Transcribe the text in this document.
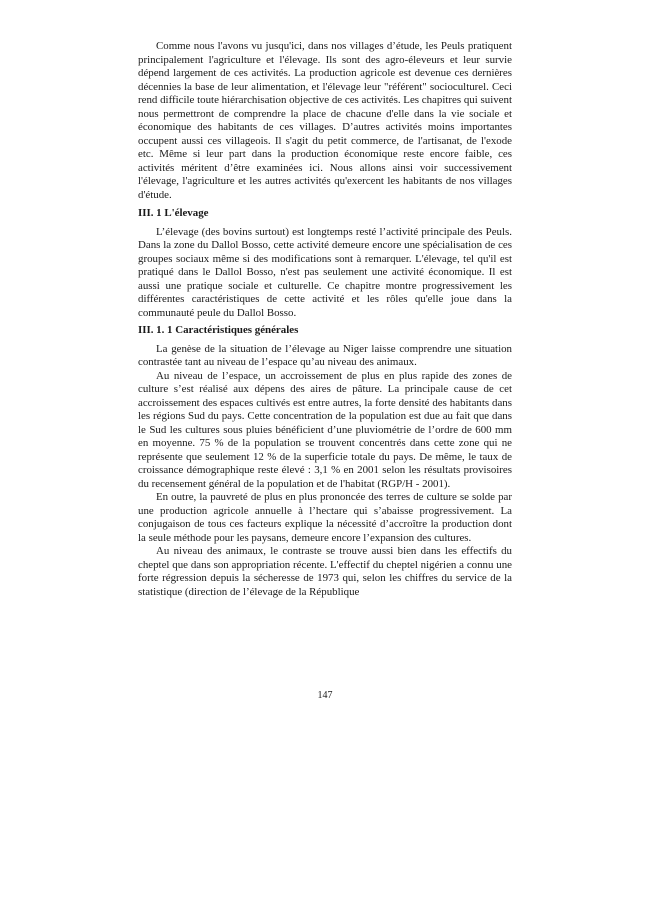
Comme nous l'avons vu jusqu'ici, dans nos villages d’étude, les Peuls pratiquent principalement l'agriculture et l'élevage. Ils sont des agro-éleveurs et leur survie dépend largement de ces activités. La production agricole est devenue ces dernières décennies la base de leur alimentation, et l'élevage leur "référent" socioculturel. Ceci rend difficile toute hiérarchisation objective de ces activités. Les chapitres qui suivent nous permettront de comprendre la place de chacune d'elle dans la vie sociale et économique des habitants de ces villages. D’autres activités moins importantes occupent aussi ces villageois. Il s'agit du petit commerce, de l'artisanat, de l'exode etc. Même si leur part dans la production économique reste encore faible, ces activités méritent d’être examinées ici. Nous allons ainsi voir successivement l'élevage, l'agriculture et les autres activités qu'exercent les habitants de nos villages d'étude.

III. 1 L'élevage

L’élevage (des bovins surtout) est longtemps resté l’activité principale des Peuls. Dans la zone du Dallol Bosso, cette activité demeure encore une spécialisation de ces groupes sociaux même si des modifications sont à remarquer. L'élevage, tel qu'il est pratiqué dans le Dallol Bosso, n'est pas seulement une activité économique. Il est aussi une pratique sociale et culturelle. Ce chapitre montre progressivement les différentes caractéristiques de cette activité et les rôles qu'elle joue dans la communauté peule du Dallol Bosso.

III. 1. 1 Caractéristiques générales

La genèse de la situation de l’élevage au Niger laisse comprendre une situation contrastée tant au niveau de l’espace qu’au niveau des animaux.

Au niveau de l’espace, un accroissement de plus en plus rapide des zones de culture s’est réalisé aux dépens des aires de pâture. La principale cause de cet accroissement des espaces cultivés est entre autres, la forte densité des habitants dans les régions Sud du pays. Cette concentration de la population est due au fait que dans le Sud les cultures sous pluies bénéficient d’une pluviométrie de l’ordre de 600 mm en moyenne. 75 % de la population se trouvent concentrés dans cette zone qui ne représente que seulement 12 % de la superficie totale du pays. De même, le taux de croissance démographique reste élevé : 3,1 % en 2001 selon les résultats provisoires du recensement général de la population et de l'habitat (RGP/H - 2001).

En outre, la pauvreté de plus en plus prononcée des terres de culture se solde par une production agricole annuelle à l’hectare qui s’abaisse progressivement. La conjugaison de tous ces facteurs explique la nécessité d’accroître la production dont la seule méthode pour les paysans, demeure encore l’expansion des cultures.

Au niveau des animaux, le contraste se trouve aussi bien dans les effectifs du cheptel que dans son appropriation récente. L'effectif du cheptel nigérien a connu une forte régression depuis la sécheresse de 1973 qui, selon les chiffres du service de la statistique (direction de l’élevage de la République

147
